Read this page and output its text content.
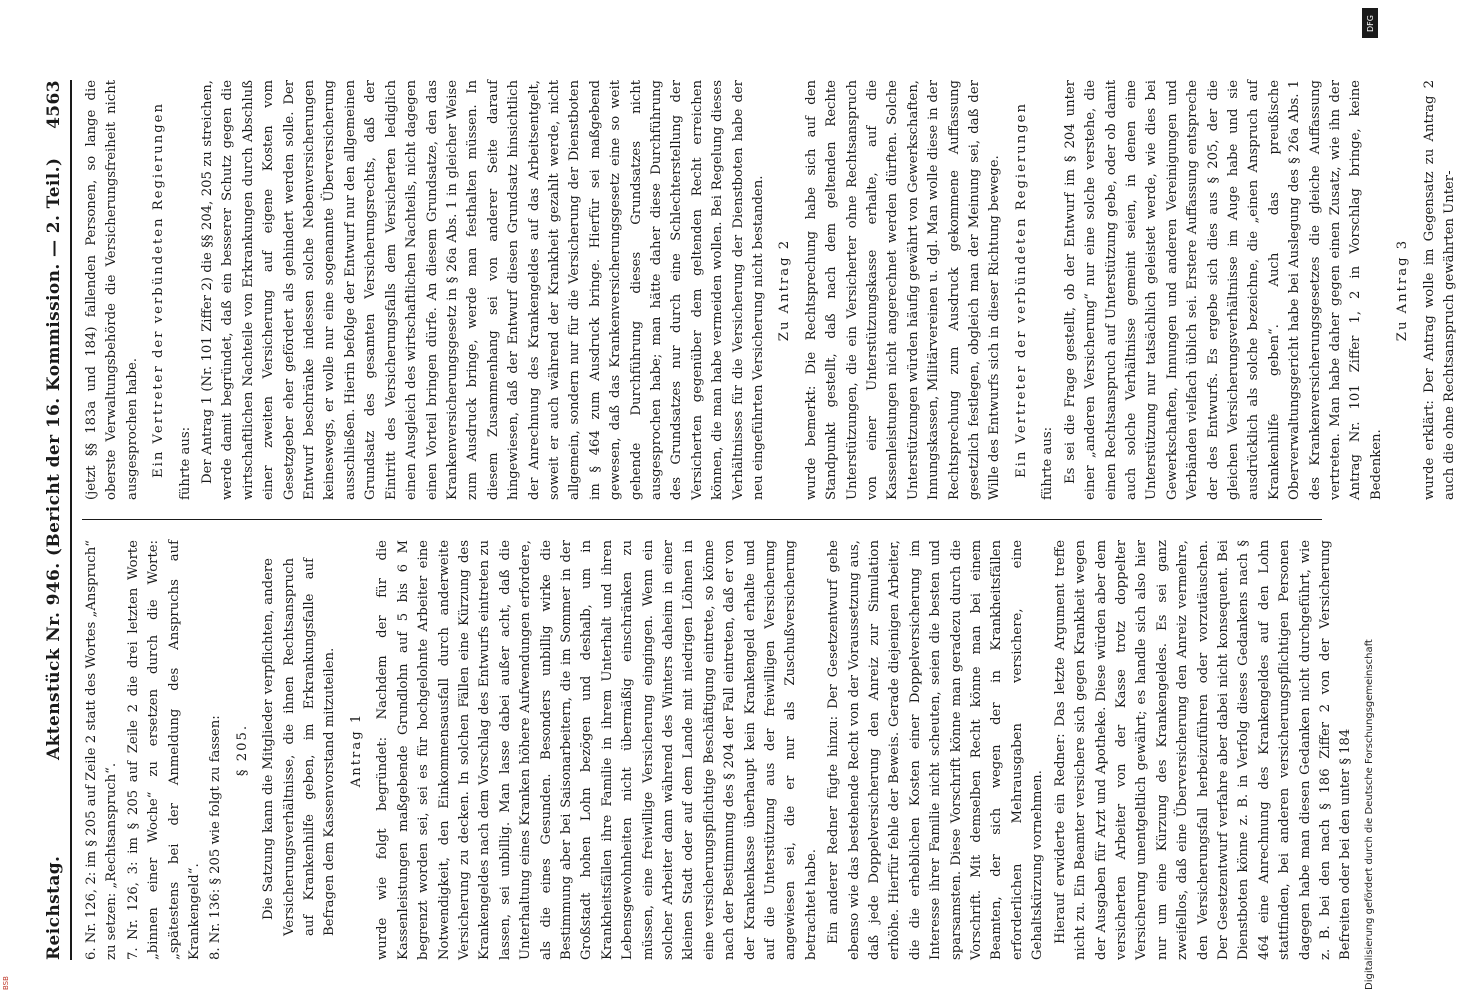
Reichstag.
Aktenstück Nr. 946. (Bericht der 16. Kommission. — 2. Teil.)
4563
6. Nr. 126, 2: im § 205 auf Zeile 2 statt des Wortes „Anspruch“ zu setzen: „Rechtsanspruch“. 7. Nr. 126, 3: im § 205 auf Zeile 2 die drei letzten Worte „binnen einer Woche“ zu ersetzen durch die Worte: „spätestens bei der Anmeldung des Anspruchs auf Krankengeld“. 8. Nr. 136: § 205 wie folgt zu fassen: § 205. Die Satzung kann die Mitglieder verpflichten, andere Versicherungsverhältnisse, die ihnen Rechtsanspruch auf Krankenhilfe geben, im Erkrankungsfalle auf Befragen dem Kassenvorstand mitzuteilen. Antrag 1 wurde wie folgt begründet: Nachdem der für die Kassenleistungen maßgebende Grundlohn auf 5 bis 6 M begrenzt worden sei, sei es für hochgelohnte Arbeiter eine Notwendigkeit, den Einkommensausfall durch anderweite Versicherung zu decken. In solchen Fällen eine Kürzung des Krankengeldes nach dem Vorschlag des Entwurfs eintreten zu lassen, sei unbillig. Man lasse dabei außer acht, daß die Unterhaltung eines Kranken höhere Aufwendungen erfordere, als die eines Gesunden. Besonders unbillig wirke die Bestimmung aber bei Saisonarbeitern, die im Sommer in der Großstadt hohen Lohn bezögen und deshalb, um in Krankheitsfällen ihre Familie in ihrem Unterhalt und ihren Lebensgewohnheiten nicht übermäßig einschränken zu müssen, eine freiwillige Versicherung eingingen. Wenn ein solcher Arbeiter dann während des Winters daheim in einer kleinen Stadt oder auf dem Lande mit niedrigen Löhnen in eine versicherungspflichtige Beschäftigung eintrete, so könne nach der Bestimmung des § 204 der Fall eintreten, daß er von der Krankenkasse überhaupt kein Krankengeld erhalte und auf die Unterstützung aus der freiwilligen Versicherung angewiesen sei, die er nur als Zuschußversicherung betrachtet habe. Ein anderer Redner fügte hinzu: Der Gesetzentwurf gehe ebenso wie das bestehende Recht von der Voraussetzung aus, daß jede Doppelversicherung den Anreiz zur Simulation erhöhe. Hierfür fehle der Beweis. Gerade diejenigen Arbeiter, die die erheblichen Kosten einer Doppelversicherung im Interesse ihrer Familie nicht scheuten, seien die besten und sparsamsten. Diese Vorschrift könne man geradezu durch die Vorschrift. Mit demselben Recht könne man bei einem Beamten, der sich wegen der in Krankheitsfällen erforderlichen Mehrausgaben versichere, eine Gehaltskürzung vornehmen. Hierauf erwiderte ein Redner: Das letzte Argument treffe nicht zu. Ein Beamter versichere sich gegen Krankheit wegen der Ausgaben für Arzt und Apotheke. Diese würden aber dem versicherten Arbeiter von der Kasse trotz doppelter Versicherung unentgeltlich gewährt; es handle sich also hier nur um eine Kürzung des Krankengeldes. Es sei ganz zweifellos, daß eine Überversicherung den Anreiz vermehre, den Versicherungsfall herbeizuführen oder vorzutäuschen. Der Gesetzentwurf verfahre aber dabei nicht konsequent. Bei Dienstboten könne z. B. in Verfolg dieses Gedankens nach § 464 eine Anrechnung des Krankengeldes auf den Lohn stattfinden, bei anderen versicherungspflichtigen Personen dagegen habe man diesen Gedanken nicht durchgeführt, wie z. B. bei den nach § 186 Ziffer 2 von der Versicherung Befreiten oder bei den unter § 184

(jetzt §§ 183a und 184) fallenden Personen, so lange die oberste Verwaltungsbehörde die Versicherungsfreiheit nicht ausgesprochen habe. Ein Vertreter der verbündeten Regierungen führte aus: Der Antrag 1 (Nr. 101 Ziffer 2) die §§ 204, 205 zu streichen, werde damit begründet, daß ein besserer Schutz gegen die wirtschaftlichen Nachteile von Erkrankungen durch Abschluß einer zweiten Versicherung auf eigene Kosten vom Gesetzgeber eher gefördert als gehindert werden solle. Der Entwurf beschränke indessen solche Nebenversicherungen keineswegs, er wolle nur eine sogenannte Überversicherung ausschließen. Hierin befolge der Entwurf nur den allgemeinen Grundsatz des gesamten Versicherungsrechts, daß der Eintritt des Versicherungsfalls dem Versicherten lediglich einen Ausgleich des wirtschaftlichen Nachteils, nicht dagegen einen Vorteil bringen dürfe. An diesem Grundsatze, den das Krankenversicherungsgesetz in § 26a Abs. 1 in gleicher Weise zum Ausdruck bringe, werde man festhalten müssen. In diesem Zusammenhang sei von anderer Seite darauf hingewiesen, daß der Entwurf diesen Grundsatz hinsichtlich der Anrechnung des Krankengeldes auf das Arbeitsentgelt, soweit er auch während der Krankheit gezahlt werde, nicht allgemein, sondern nur für die Versicherung der Dienstboten im § 464 zum Ausdruck bringe. Hierfür sei maßgebend gewesen, daß das Krankenversicherungsgesetz eine so weit gehende Durchführung dieses Grundsatzes nicht ausgesprochen habe; man hätte daher diese Durchführung des Grundsatzes nur durch eine Schlechterstellung der Versicherten gegenüber dem geltenden Recht erreichen können, die man habe vermeiden wollen. Bei Regelung dieses Verhältnisses für die Versicherung der Dienstboten habe der neu eingeführten Versicherung nicht bestanden. Zu Antrag 2 wurde bemerkt: Die Rechtsprechung habe sich auf den Standpunkt gestellt, daß nach dem geltenden Rechte Unterstützungen, die ein Versicherter ohne Rechtsanspruch von einer Unterstützungskasse erhalte, auf die Kassenleistungen nicht angerechnet werden dürften. Solche Unterstützungen würden häufig gewährt von Gewerkschaften, Innungskassen, Militärvereinen u. dgl. Man wolle diese in der Rechtsprechung zum Ausdruck gekommene Auffassung gesetzlich festlegen, obgleich man der Meinung sei, daß der Wille des Entwurfs sich in dieser Richtung bewege. Ein Vertreter der verbündeten Regierungen führte aus: Es sei die Frage gestellt, ob der Entwurf im § 204 unter einer „anderen Versicherung“ nur eine solche verstehe, die einen Rechtsanspruch auf Unterstützung gebe, oder ob damit auch solche Verhältnisse gemeint seien, in denen eine Unterstützung nur tatsächlich geleistet werde, wie dies bei Gewerkschaften, Innungen und anderen Vereinigungen und Verbänden vielfach üblich sei. Erstere Auffassung entspreche der des Entwurfs. Es ergebe sich dies aus § 205, der die gleichen Versicherungsverhältnisse im Auge habe und sie ausdrücklich als solche bezeichne, die „einen Anspruch auf Krankenhilfe geben“. Auch das preußische Oberverwaltungsgericht habe bei Auslegung des § 26a Abs. 1 des Krankenversicherungsgesetzes die gleiche Auffassung vertreten. Man habe daher gegen einen Zusatz, wie ihn der Antrag Nr. 101 Ziffer 1, 2 in Vorschlag bringe, keine Bedenken.

Zu Antrag 3 wurde erklärt: Der Antrag wolle im Gegensatz zu Antrag 2 auch die ohne Rechtsanspruch gewährten Unter-

DFG
Digitalisierung gefördert durch die Deutsche Forschungsgemeinschaft
BSB
